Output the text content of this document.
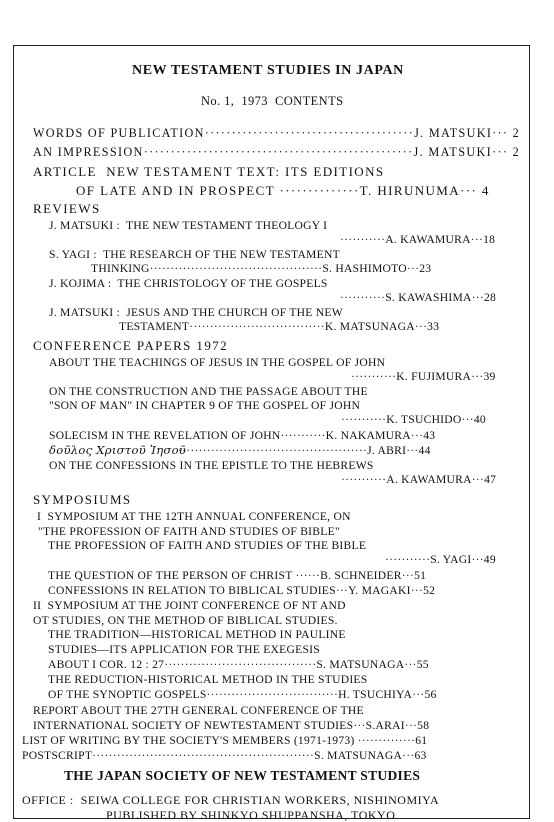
NEW TESTAMENT STUDIES IN JAPAN
No. 1,  1973  CONTENTS
WORDS OF PUBLICATION·······································J. MATSUKI··· 2
AN IMPRESSION··················································J. MATSUKI··· 2
ARTICLE  NEW TESTAMENT TEXT: ITS EDITIONS
OF LATE AND IN PROSPECT ··············T. HIRUNUMA··· 4
REVIEWS
J. MATSUKI :  THE NEW TESTAMENT THEOLOGY I
···········A. KAWAMURA···18
S. YAGI :  THE RESEARCH OF THE NEW TESTAMENT
THINKING··········································S. HASHIMOTO···23
J. KOJIMA :  THE CHRISTOLOGY OF THE GOSPELS
···········S. KAWASHIMA···28
J. MATSUKI :  JESUS AND THE CHURCH OF THE NEW
TESTAMENT·································K. MATSUNAGA···33
CONFERENCE PAPERS 1972
ABOUT THE TEACHINGS OF JESUS IN THE GOSPEL OF JOHN
···········K. FUJIMURA···39
ON THE CONSTRUCTION AND THE PASSAGE ABOUT THE
"SON OF MAN" IN CHAPTER 9 OF THE GOSPEL OF JOHN
···········K. TSUCHIDO···40
SOLECISM IN THE REVELATION OF JOHN···········K. NAKAMURA···43
δοῦλος Χριστοῦ Ἰησοῦ
··············································J. ABRI···44
ON THE CONFESSIONS IN THE EPISTLE TO THE HEBREWS
···········A. KAWAMURA···47
SYMPOSIUMS
I  SYMPOSIUM AT THE 12TH ANNUAL CONFERENCE, ON
"THE PROFESSION OF FAITH AND STUDIES OF BIBLE"
THE PROFESSION OF FAITH AND STUDIES OF THE BIBLE
···········S. YAGI···49
THE QUESTION OF THE PERSON OF CHRIST ······B. SCHNEIDER···51
CONFESSIONS IN RELATION TO BIBLICAL STUDIES···Y. MAGAKI···52
II  SYMPOSIUM AT THE JOINT CONFERENCE OF NT AND
OT STUDIES, ON THE METHOD OF BIBLICAL STUDIES.
THE TRADITION—HISTORICAL METHOD IN PAULINE
STUDIES—ITS APPLICATION FOR THE EXEGESIS
ABOUT I COR. 12 : 27·····································S. MATSUNAGA···55
THE REDUCTION-HISTORICAL METHOD IN THE STUDIES
OF THE SYNOPTIC GOSPELS································H. TSUCHIYA···56
REPORT ABOUT THE 27TH GENERAL CONFERENCE OF THE
INTERNATIONAL SOCIETY OF NEWTESTAMENT STUDIES···S.ARAI···58
LIST OF WRITING BY THE SOCIETY'S MEMBERS (1971-1973) ··············61
POSTSCRIPT······················································S. MATSUNAGA···63
THE JAPAN SOCIETY OF NEW TESTAMENT STUDIES
OFFICE :  SEIWA COLLEGE FOR CHRISTIAN WORKERS, NISHINOMIYA
PUBLISHED BY SHINKYO SHUPPANSHA, TOKYO
